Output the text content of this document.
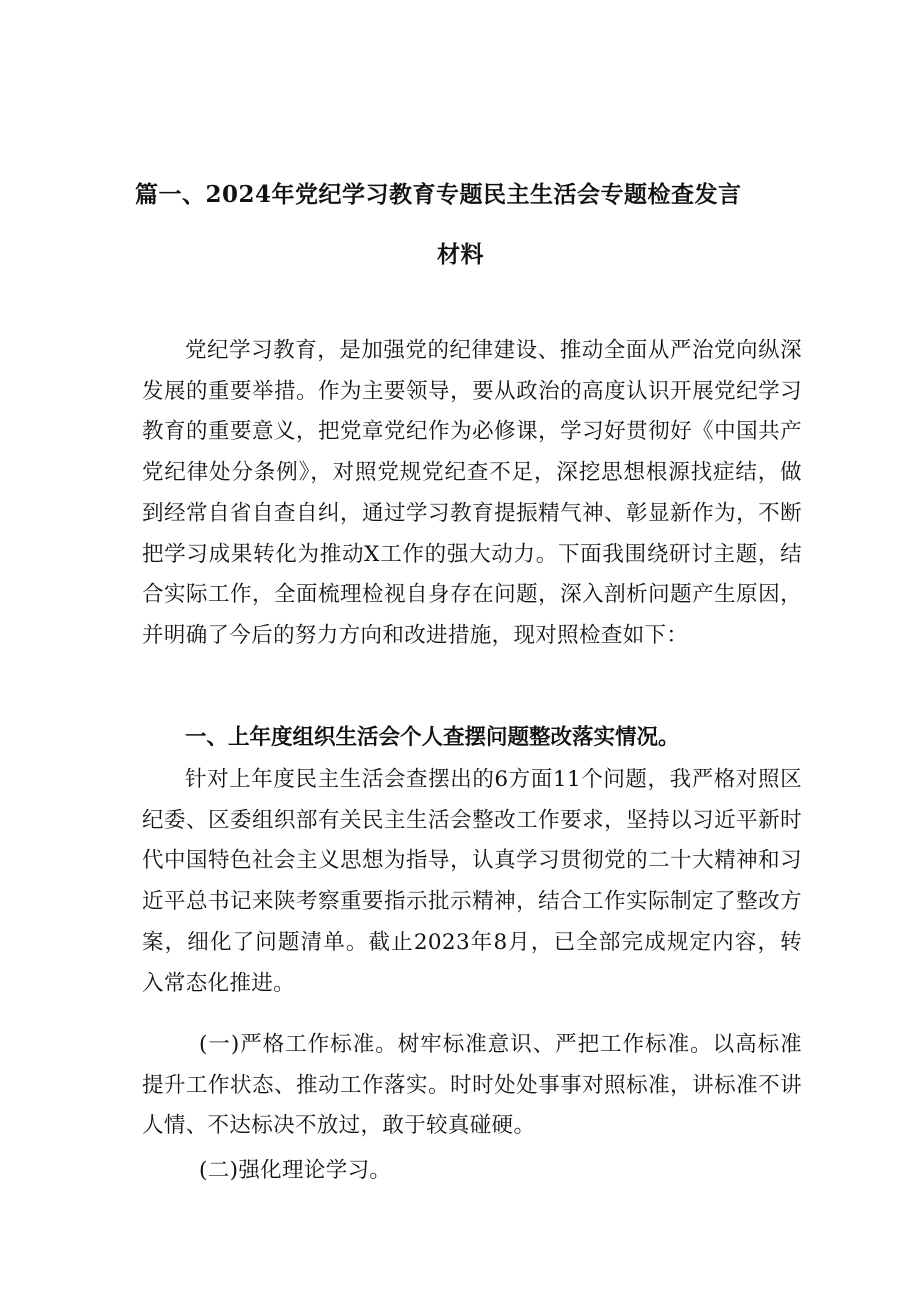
篇一、2024年党纪学习教育专题民主生活会专题检查发言
材料

党纪学习教育，是加强党的纪律建设、推动全面从严治党向纵深发展的重要举措。作为主要领导，要从政治的高度认识开展党纪学习教育的重要意义，把党章党纪作为必修课，学习好贯彻好《中国共产党纪律处分条例》，对照党规党纪查不足，深挖思想根源找症结，做到经常自省自查自纠，通过学习教育提振精气神、彰显新作为，不断把学习成果转化为推动X工作的强大动力。下面我围绕研讨主题，结合实际工作，全面梳理检视自身存在问题，深入剖析问题产生原因，并明确了今后的努力方向和改进措施，现对照检查如下：

一、上年度组织生活会个人查摆问题整改落实情况。

针对上年度民主生活会查摆出的6方面11个问题，我严格对照区纪委、区委组织部有关民主生活会整改工作要求，坚持以习近平新时代中国特色社会主义思想为指导，认真学习贯彻党的二十大精神和习近平总书记来陕考察重要指示批示精神，结合工作实际制定了整改方案，细化了问题清单。截止2023年8月，已全部完成规定内容，转入常态化推进。

(一)严格工作标准。树牢标准意识、严把工作标准。以高标准提升工作状态、推动工作落实。时时处处事事对照标准，讲标准不讲人情、不达标决不放过，敢于较真碰硬。

(二)强化理论学习。
